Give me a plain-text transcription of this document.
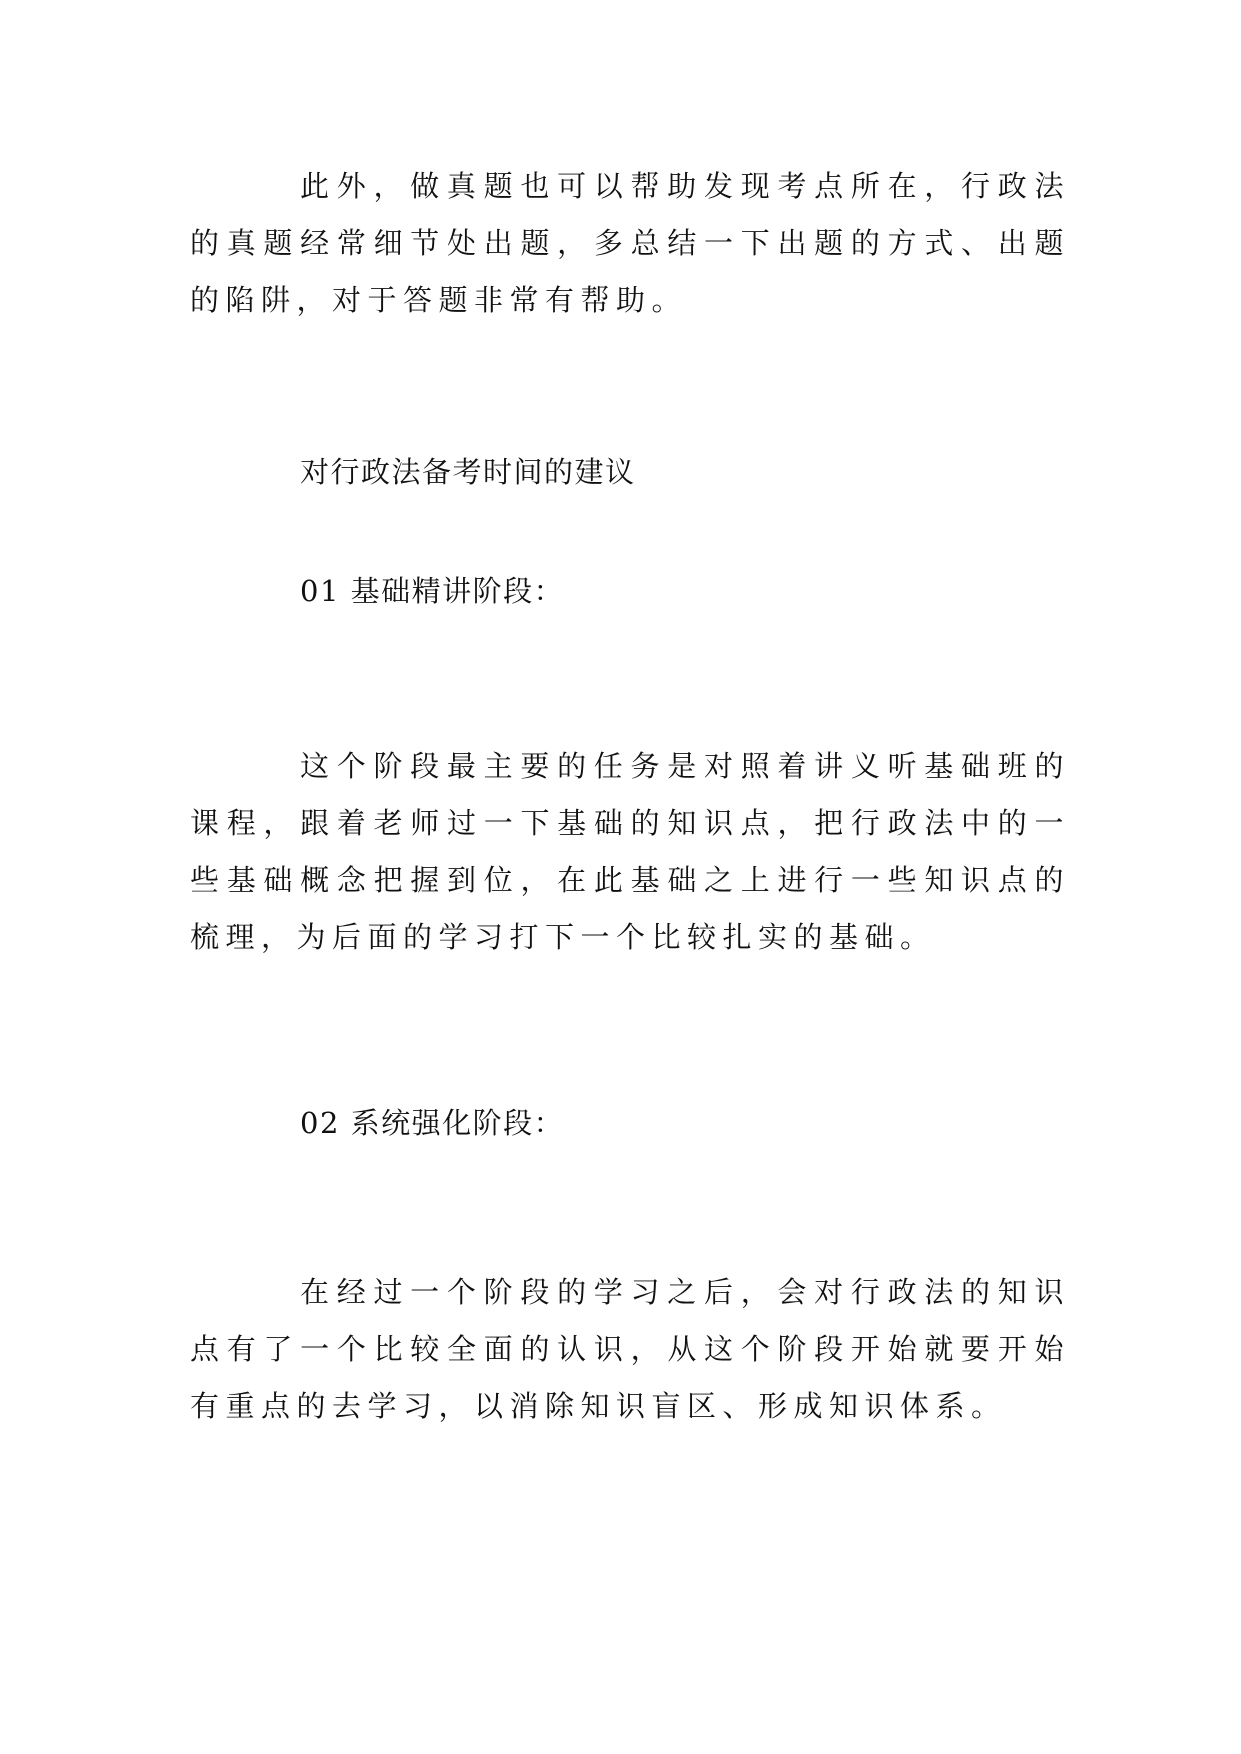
此外，做真题也可以帮助发现考点所在，行政法的真题经常细节处出题，多总结一下出题的方式、出题的陷阱，对于答题非常有帮助。

对行政法备考时间的建议

01 基础精讲阶段：

这个阶段最主要的任务是对照着讲义听基础班的课程，跟着老师过一下基础的知识点，把行政法中的一些基础概念把握到位，在此基础之上进行一些知识点的梳理，为后面的学习打下一个比较扎实的基础。

02 系统强化阶段：

在经过一个阶段的学习之后，会对行政法的知识点有了一个比较全面的认识，从这个阶段开始就要开始有重点的去学习，以消除知识盲区、形成知识体系。
